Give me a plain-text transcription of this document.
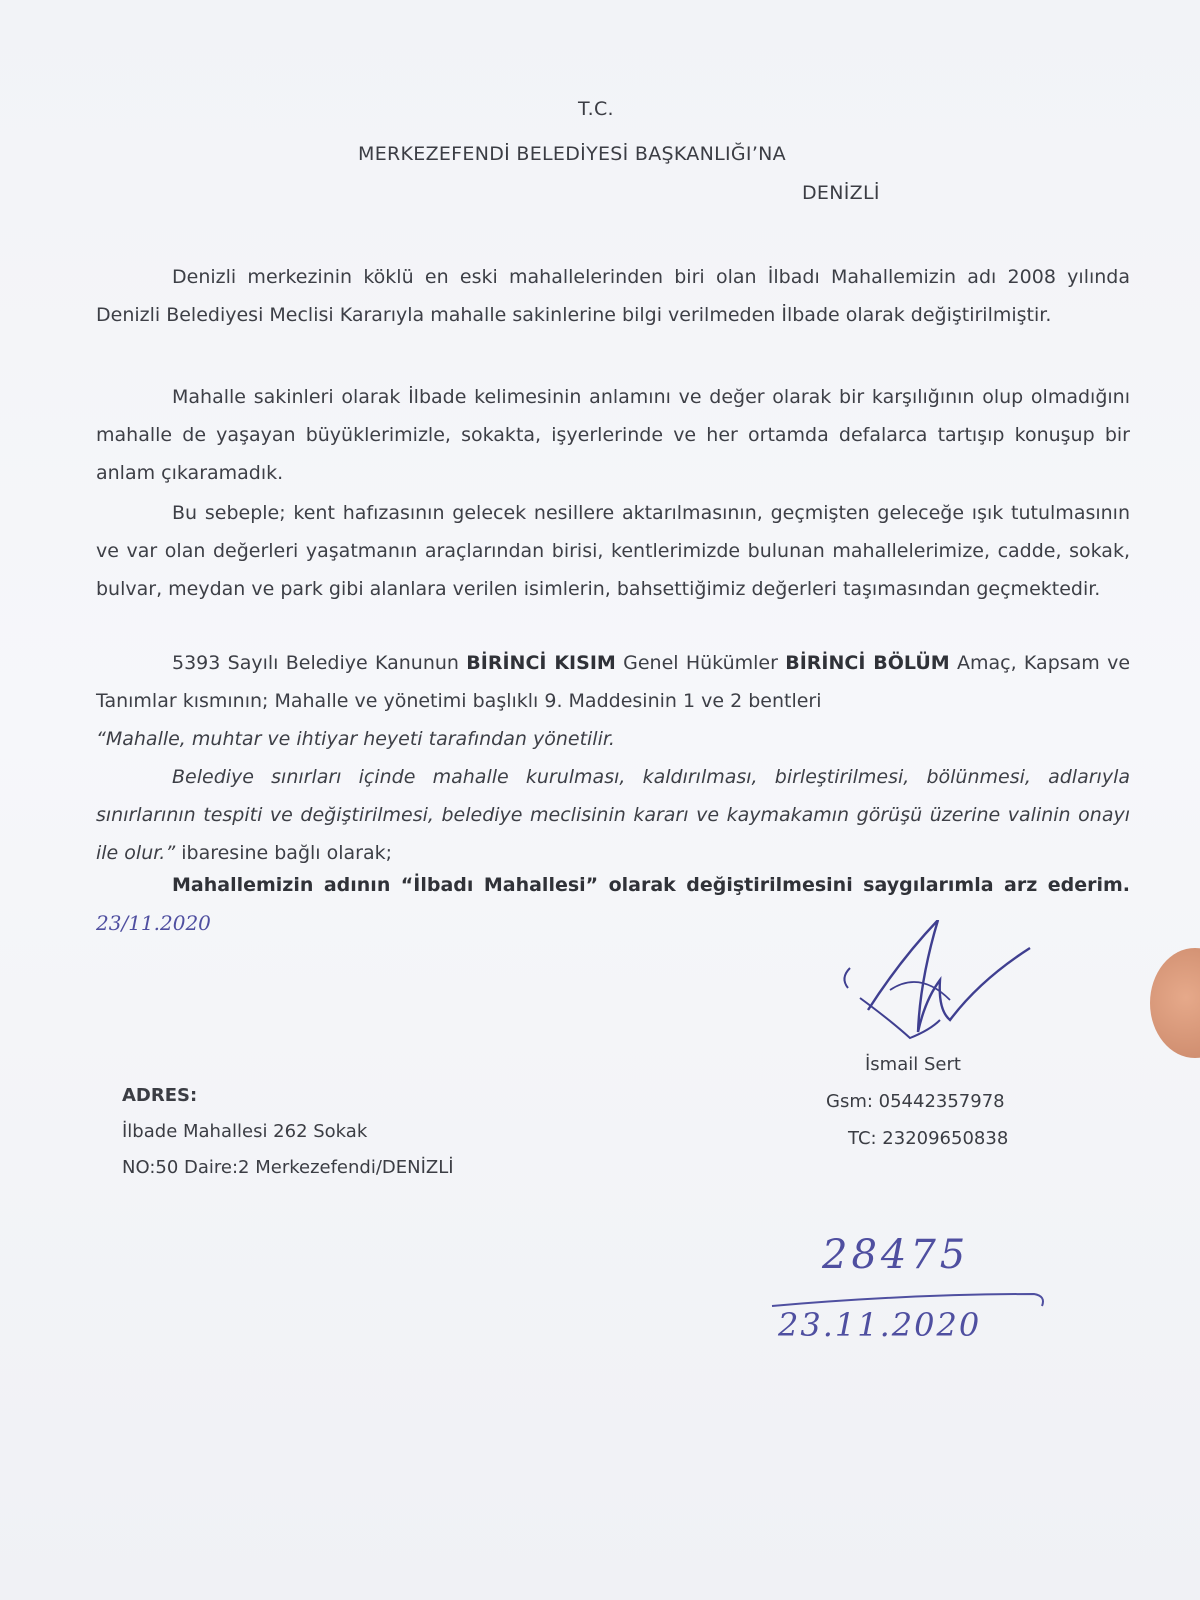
T.C.
MERKEZEFENDİ BELEDİYESİ BAŞKANLIĞI’NA
DENİZLİ

Denizli merkezinin köklü en eski mahallelerinden biri olan İlbadı Mahallemizin adı 2008 yılında Denizli Belediyesi Meclisi Kararıyla mahalle sakinlerine bilgi verilmeden İlbade olarak değiştirilmiştir.

Mahalle sakinleri olarak İlbade kelimesinin anlamını ve değer olarak bir karşılığının olup olmadığını mahalle de yaşayan büyüklerimizle, sokakta, işyerlerinde ve her ortamda defalarca tartışıp konuşup bir anlam çıkaramadık.

Bu sebeple; kent hafızasının gelecek nesillere aktarılmasının, geçmişten geleceğe ışık tutulmasının ve var olan değerleri yaşatmanın araçlarından birisi, kentlerimizde bulunan mahallelerimize, cadde, sokak, bulvar, meydan ve park gibi alanlara verilen isimlerin, bahsettiğimiz değerleri taşımasından geçmektedir.

5393 Sayılı Belediye Kanunun BİRİNCİ KISIM Genel Hükümler BİRİNCİ BÖLÜM Amaç, Kapsam ve Tanımlar kısmının; Mahalle ve yönetimi başlıklı 9. Maddesinin 1 ve 2 bentleri

“Mahalle, muhtar ve ihtiyar heyeti tarafından yönetilir.

Belediye sınırları içinde mahalle kurulması, kaldırılması, birleştirilmesi, bölünmesi, adlarıyla sınırlarının tespiti ve değiştirilmesi, belediye meclisinin kararı ve kaymakamın görüşü üzerine valinin onayı ile olur.” ibaresine bağlı olarak;

Mahallemizin adının “İlbadı Mahallesi” olarak değiştirilmesini saygılarımla arz ederim. 23/11.2020

İsmail Sert
Gsm: 05442357978
TC: 23209650838
ADRES:
İlbade Mahallesi 262 Sokak
NO:50 Daire:2 Merkezefendi/DENİZLİ
28475
23.11.2020
